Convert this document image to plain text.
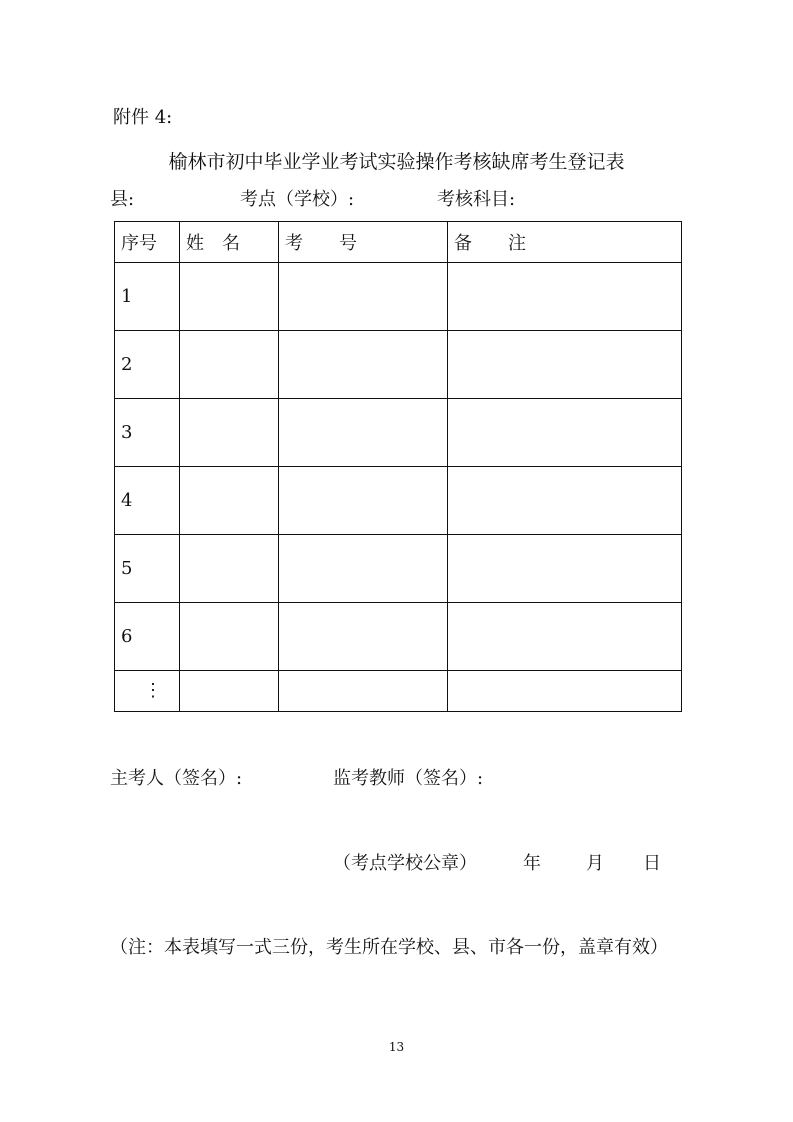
附件 4:
榆林市初中毕业学业考试实验操作考核缺席考生登记表
县:	考点（学校）:	考核科目:
序号	姓　名	考　　号	备　　注
1			
2			
3			
4			
5			
6			
⋮			
主考人（签名）:	监考教师（签名）:
（考点学校公章）	年	月 日
（注：本表填写一式三份，考生所在学校、县、市各一份，盖章有效）
13
